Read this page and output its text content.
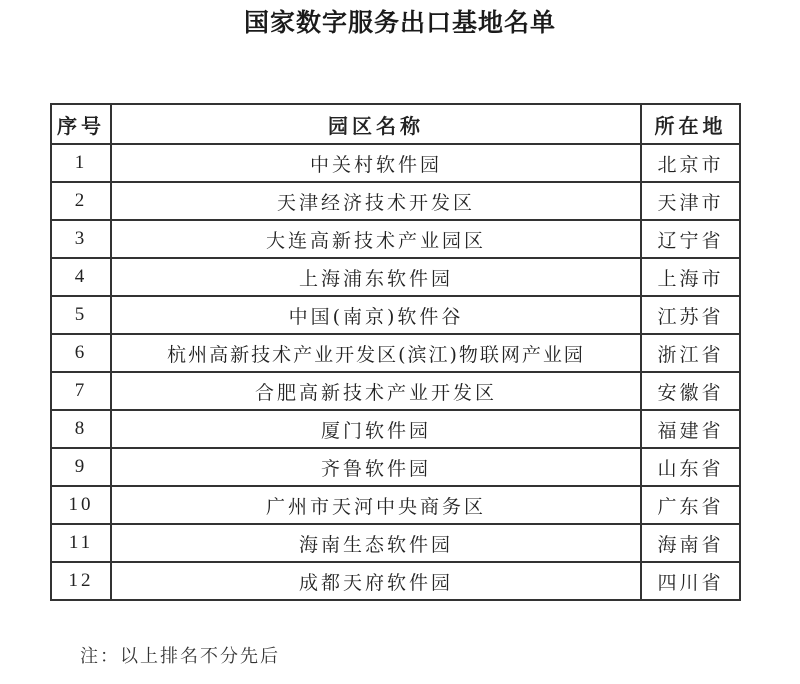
国家数字服务出口基地名单
序号	园区名称	所在地
1	中关村软件园	北京市
2	天津经济技术开发区	天津市
3	大连高新技术产业园区	辽宁省
4	上海浦东软件园	上海市
5	中国(南京)软件谷	江苏省
6	杭州高新技术产业开发区(滨江)物联网产业园	浙江省
7	合肥高新技术产业开发区	安徽省
8	厦门软件园	福建省
9	齐鲁软件园	山东省
10	广州市天河中央商务区	广东省
11	海南生态软件园	海南省
12	成都天府软件园	四川省
注：以上排名不分先后
